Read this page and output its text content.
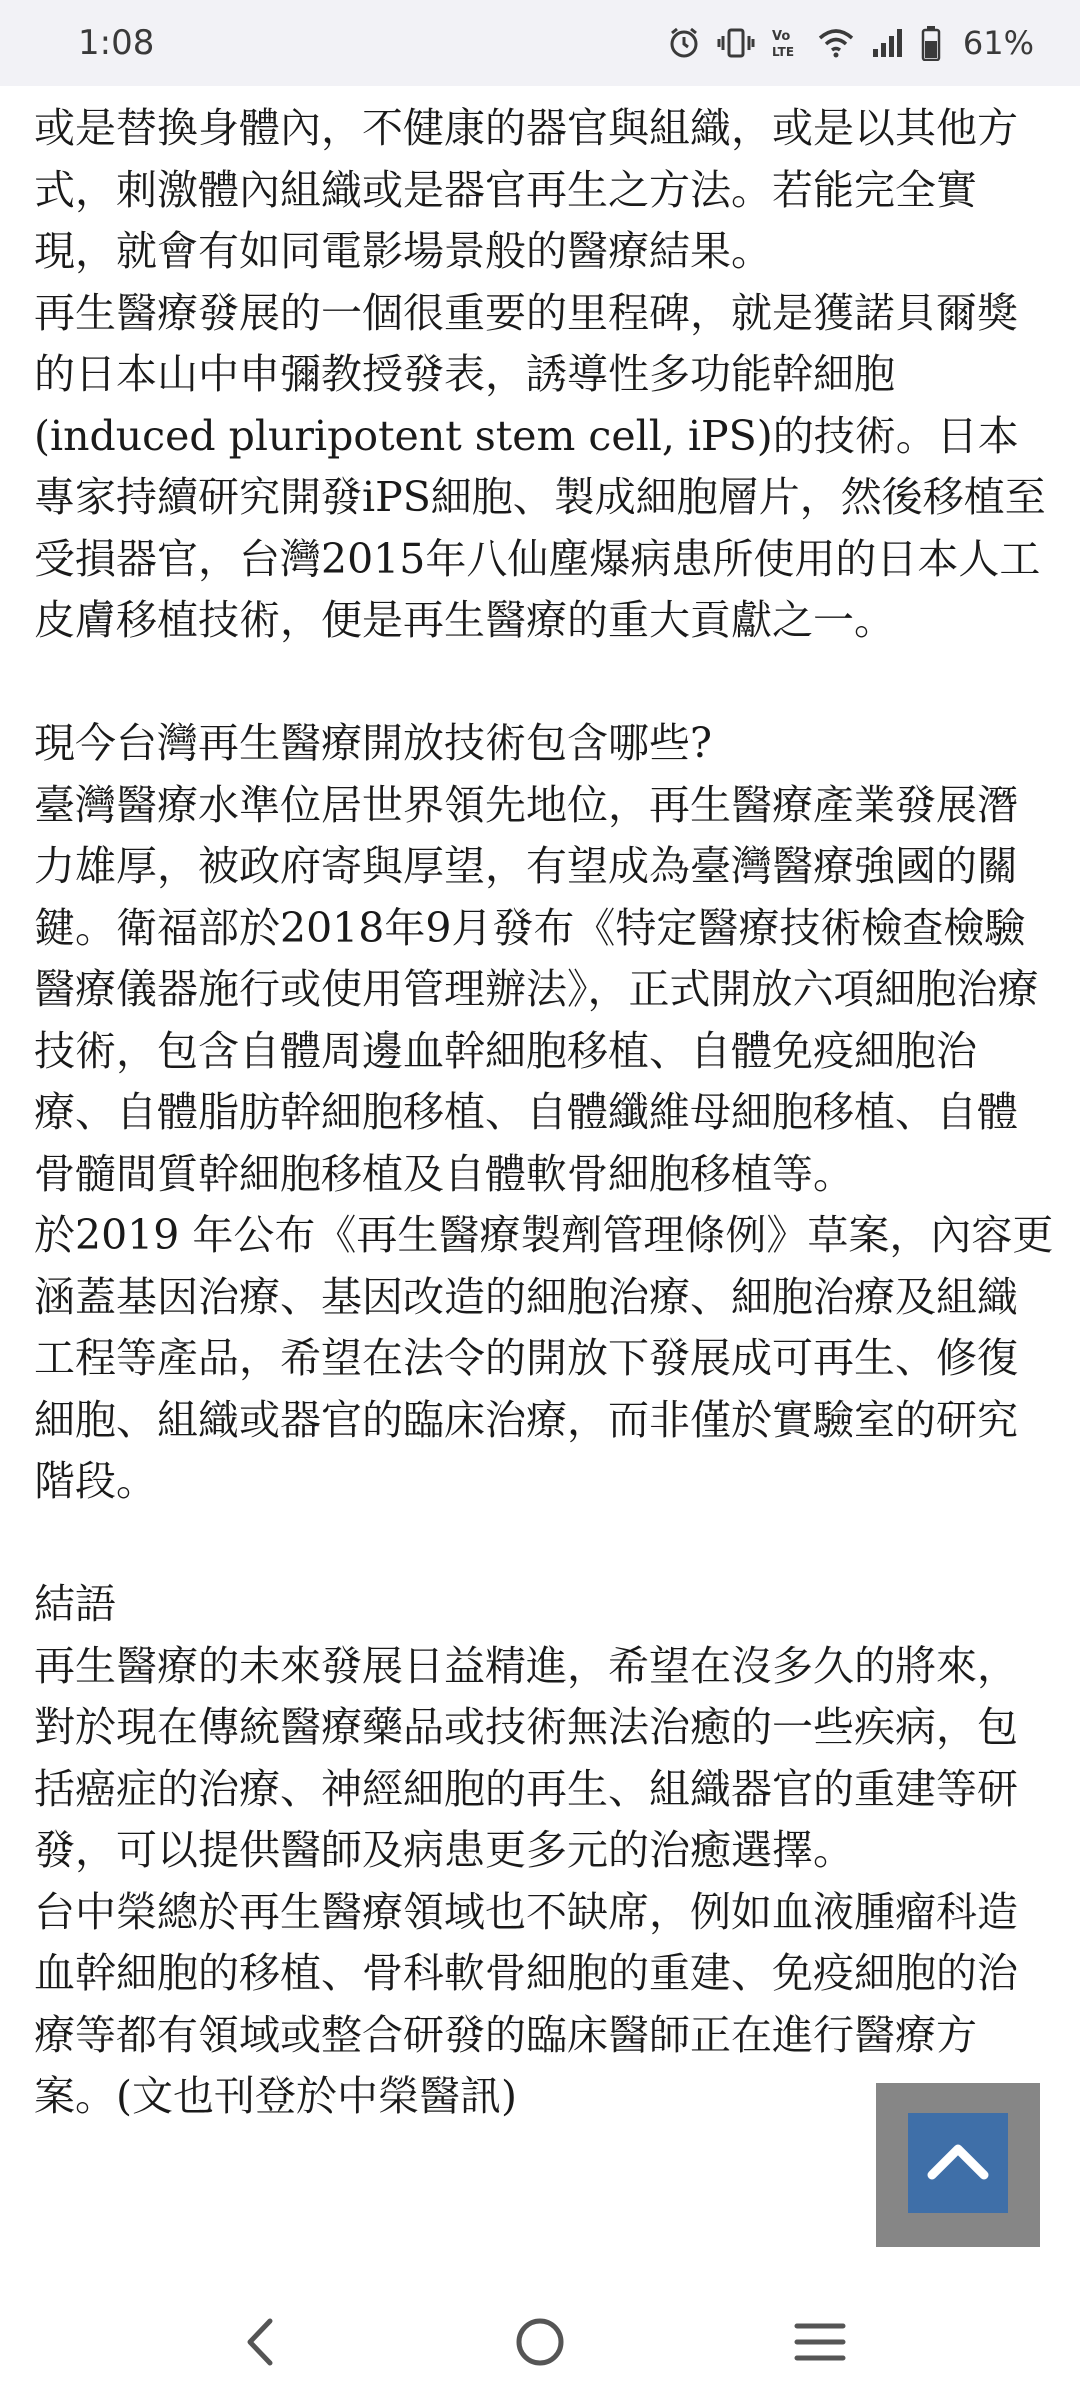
1:08	Vo
LTE	61%

或是替換身體內，不健康的器官與組織，或是以其他方式，刺激體內組織或是器官再生之方法。若能完全實現，就會有如同電影場景般的醫療結果。

再生醫療發展的一個很重要的里程碑，就是獲諾貝爾獎的日本山中申彌教授發表，誘導性多功能幹細胞(induced pluripotent stem cell, iPS)的技術。日本專家持續研究開發iPS細胞、製成細胞層片，然後移植至受損器官，台灣2015年八仙塵爆病患所使用的日本人工皮膚移植技術，便是再生醫療的重大貢獻之一。

現今台灣再生醫療開放技術包含哪些?

臺灣醫療水準位居世界領先地位，再生醫療產業發展潛力雄厚，被政府寄與厚望，有望成為臺灣醫療強國的關鍵。衛福部於2018年9月發布《特定醫療技術檢查檢驗醫療儀器施行或使用管理辦法》，正式開放六項細胞治療技術，包含自體周邊血幹細胞移植、自體免疫細胞治療、自體脂肪幹細胞移植、自體纖維母細胞移植、自體骨髓間質幹細胞移植及自體軟骨細胞移植等。

於2019 年公布《再生醫療製劑管理條例》草案，內容更涵蓋基因治療、基因改造的細胞治療、細胞治療及組織工程等產品，希望在法令的開放下發展成可再生、修復細胞、組織或器官的臨床治療，而非僅於實驗室的研究階段。

結語

再生醫療的未來發展日益精進，希望在沒多久的將來，對於現在傳統醫療藥品或技術無法治癒的一些疾病，包括癌症的治療、神經細胞的再生、組織器官的重建等研發，可以提供醫師及病患更多元的治癒選擇。

台中榮總於再生醫療領域也不缺席，例如血液腫瘤科造血幹細胞的移植、骨科軟骨細胞的重建、免疫細胞的治療等都有領域或整合研發的臨床醫師正在進行醫療方案。(文也刊登於中榮醫訊)
